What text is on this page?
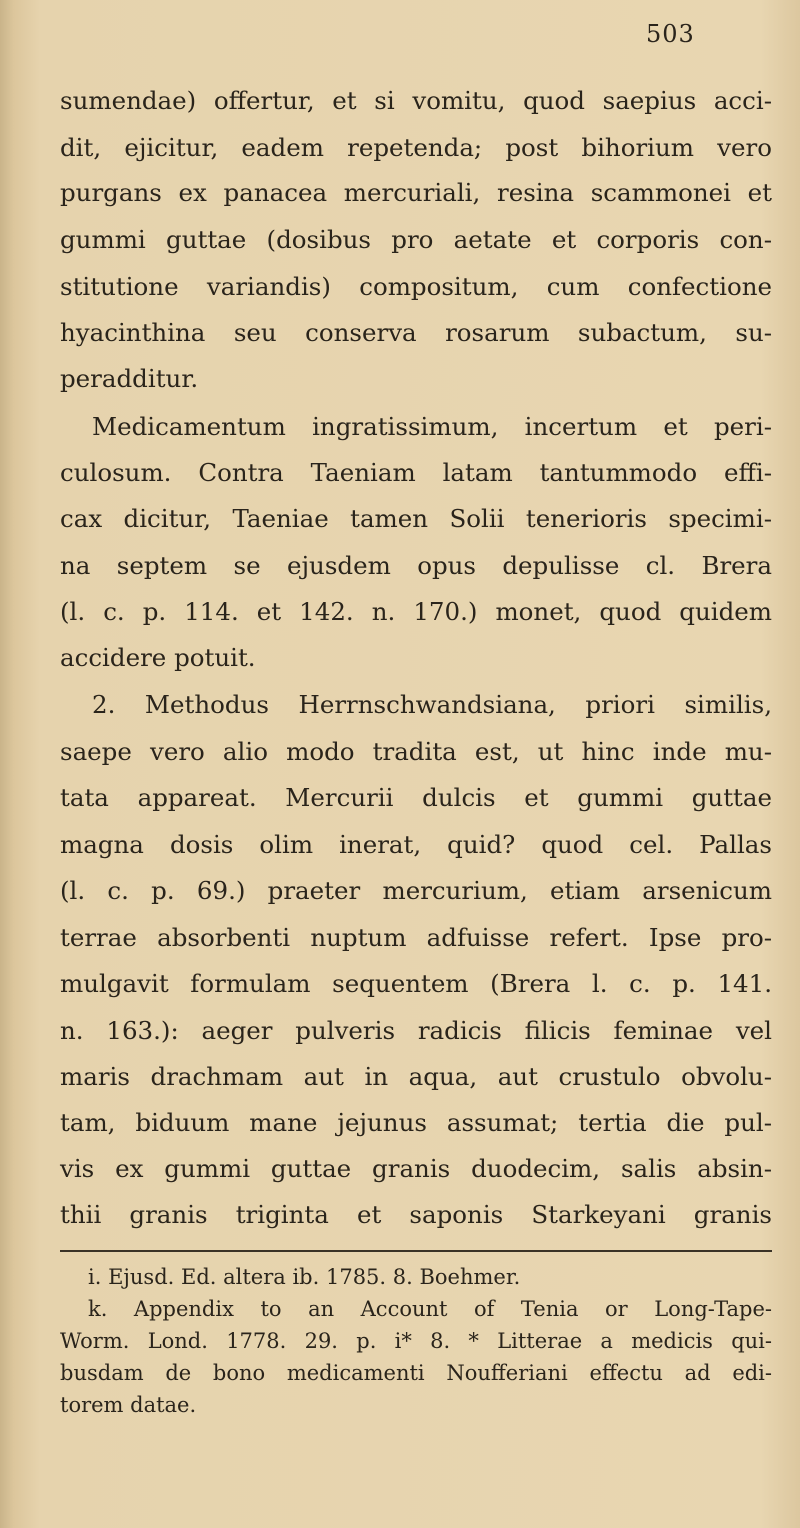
503
sumendae) offertur, et si vomitu, quod saepius acci-
dit, ejicitur, eadem repetenda; post bihorium vero
purgans ex panacea mercuriali, resina scammonei et
gummi guttae (dosibus pro aetate et corporis con-
stitutione variandis) compositum, cum confectione
hyacinthina seu conserva rosarum subactum, su-
peradditur.
Medicamentum ingratissimum, incertum et peri-
culosum. Contra Taeniam latam tantummodo effi-
cax dicitur, Taeniae tamen Solii tenerioris specimi-
na septem se ejusdem opus depulisse cl. Brera
(l. c. p. 114. et 142. n. 170.) monet, quod quidem
accidere potuit.
2. Methodus Herrnschwandsiana, priori similis,
saepe vero alio modo tradita est, ut hinc inde mu-
tata appareat. Mercurii dulcis et gummi guttae
magna dosis olim inerat, quid? quod cel. Pallas
(l. c. p. 69.) praeter mercurium, etiam arsenicum
terrae absorbenti nuptum adfuisse refert. Ipse pro-
mulgavit formulam sequentem (Brera l. c. p. 141.
n. 163.): aeger pulveris radicis filicis feminae vel
maris drachmam aut in aqua, aut crustulo obvolu-
tam, biduum mane jejunus assumat; tertia die pul-
vis ex gummi guttae granis duodecim, salis absin-
thii granis triginta et saponis Starkeyani granis
i. Ejusd. Ed. altera ib. 1785. 8. Boehmer.
k. Appendix to an Account of Tenia or Long-Tape-
Worm. Lond. 1778. 29. p. i* 8. * Litterae a medicis qui-
busdam de bono medicamenti Noufferiani effectu ad edi-
torem datae.
